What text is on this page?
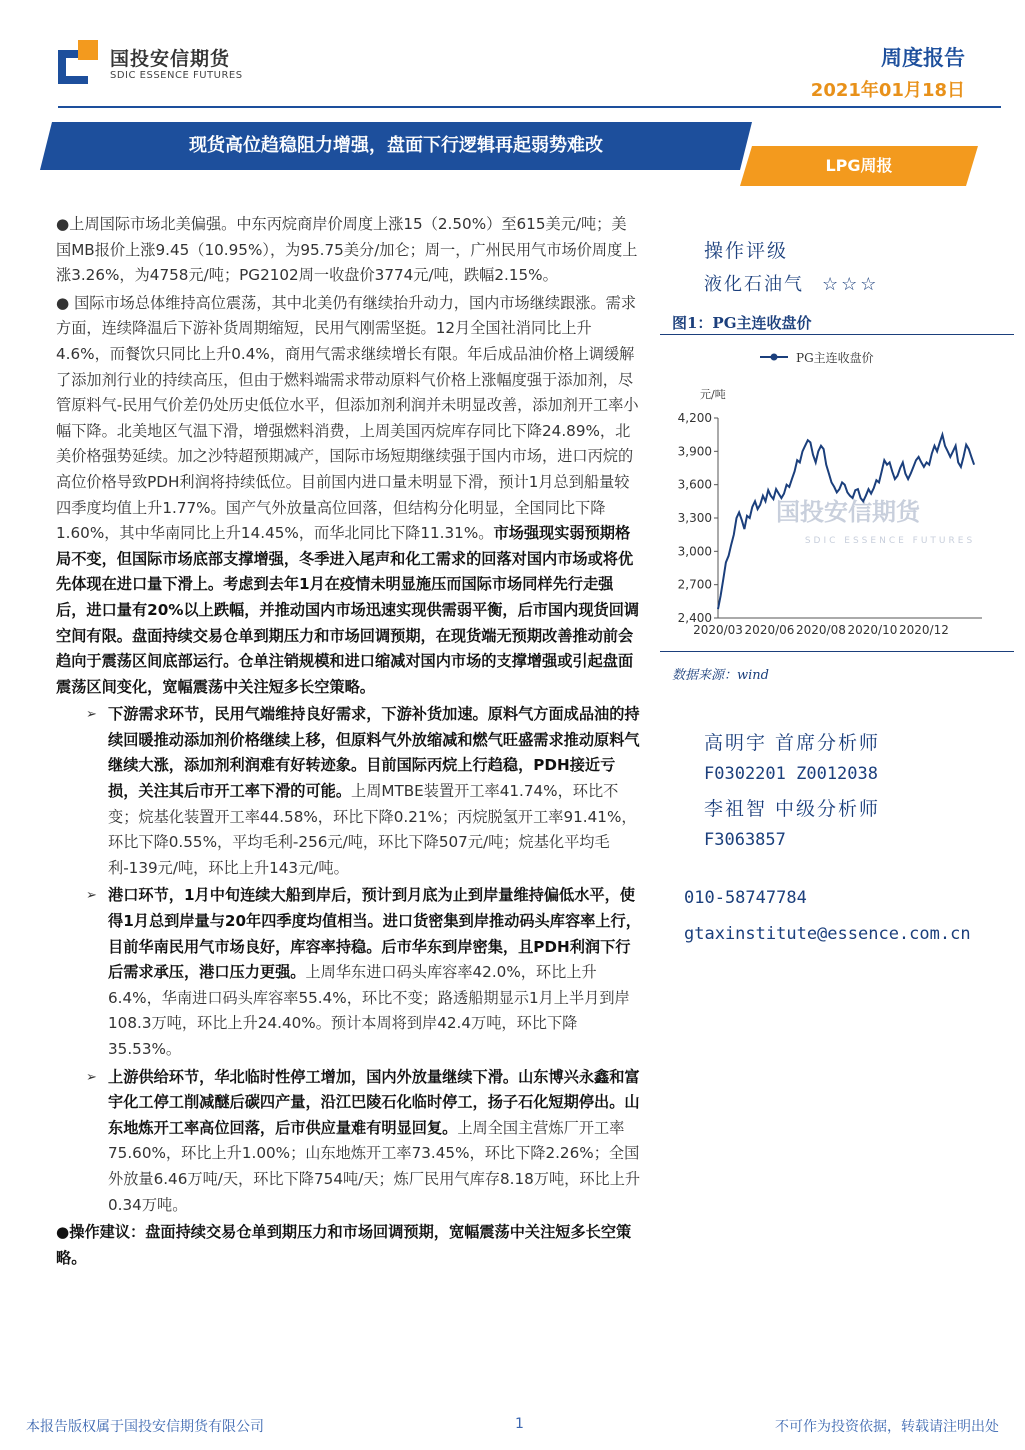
国投安信期货
SDIC ESSENCE FUTURES
周度报告
2021年01月18日
现货高位趋稳阻力增强，盘面下行逻辑再起弱势难改
LPG周报
●上周国际市场北美偏强。中东丙烷商岸价周度上涨15（2.50%）至615美元/吨；美国MB报价上涨9.45（10.95%），为95.75美分/加仑；周一，广州民用气市场价周度上涨3.26%，为4758元/吨；PG2102周一收盘价3774元/吨，跌幅2.15%。
● 国际市场总体维持高位震荡，其中北美仍有继续抬升动力，国内市场继续跟涨。需求方面，连续降温后下游补货周期缩短，民用气刚需坚挺。12月全国社消同比上升4.6%，而餐饮只同比上升0.4%，商用气需求继续增长有限。年后成品油价格上调缓解了添加剂行业的持续高压，但由于燃料端需求带动原料气价格上涨幅度强于添加剂，尽管原料气-民用气价差仍处历史低位水平，但添加剂利润并未明显改善，添加剂开工率小幅下降。北美地区气温下滑，增强燃料消费，上周美国丙烷库存同比下降24.89%，北美价格强势延续。加之沙特超预期减产，国际市场短期继续强于国内市场，进口丙烷的高位价格导致PDH利润将持续低位。目前国内进口量未明显下滑，预计1月总到船量较四季度均值上升1.77%。国产气外放量高位回落，但结构分化明显，全国同比下降1.60%，其中华南同比上升14.45%，而华北同比下降11.31%。市场强现实弱预期格局不变，但国际市场底部支撑增强，冬季进入尾声和化工需求的回落对国内市场或将优先体现在进口量下滑上。考虑到去年1月在疫情未明显施压而国际市场同样先行走强后，进口量有20%以上跌幅，并推动国内市场迅速实现供需弱平衡，后市国内现货回调空间有限。盘面持续交易仓单到期压力和市场回调预期，在现货端无预期改善推动前会趋向于震荡区间底部运行。仓单注销规模和进口缩减对国内市场的支撑增强或引起盘面震荡区间变化，宽幅震荡中关注短多长空策略。
➢ 下游需求环节，民用气端维持良好需求，下游补货加速。原料气方面成品油的持续回暖推动添加剂价格继续上移，但原料气外放缩减和燃气旺盛需求推动原料气继续大涨，添加剂利润难有好转迹象。目前国际丙烷上行趋稳，PDH接近亏损，关注其后市开工率下滑的可能。上周MTBE装置开工率41.74%，环比不变；烷基化装置开工率44.58%，环比下降0.21%；丙烷脱氢开工率91.41%，环比下降0.55%，平均毛利-256元/吨，环比下降507元/吨；烷基化平均毛利-139元/吨，环比上升143元/吨。
➢ 港口环节，1月中旬连续大船到岸后，预计到月底为止到岸量维持偏低水平，使得1月总到岸量与20年四季度均值相当。进口货密集到岸推动码头库容率上行，目前华南民用气市场良好，库容率持稳。后市华东到岸密集，且PDH利润下行后需求承压，港口压力更强。上周华东进口码头库容率42.0%，环比上升6.4%，华南进口码头库容率55.4%，环比不变；路透船期显示1月上半月到岸108.3万吨，环比上升24.40%。预计本周将到岸42.4万吨，环比下降35.53%。
➢ 上游供给环节，华北临时性停工增加，国内外放量继续下滑。山东博兴永鑫和富宇化工停工削减醚后碳四产量，沿江巴陵石化临时停工，扬子石化短期停出。山东地炼开工率高位回落，后市供应量难有明显回复。上周全国主营炼厂开工率75.60%，环比上升1.00%；山东地炼开工率73.45%，环比下降2.26%；全国外放量6.46万吨/天，环比下降754吨/天；炼厂民用气库存8.18万吨，环比上升0.34万吨。
●操作建议：盘面持续交易仓单到期压力和市场回调预期，宽幅震荡中关注短多长空策略。
操作评级
液化石油气 ☆☆☆
图1：PG主连收盘价
PG主连收盘价
元/吨
4,200
3,900
3,600
3,300
3,000
2,700
2,400
2020/03 2020/06 2020/08 2020/10 2020/12
国投安信期货
SDIC ESSENCE FUTURES
数据来源：wind
高明宇 首席分析师
F0302201 Z0012038
李祖智 中级分析师
F3063857
010-58747784
gtaxinstitute@essence.com.cn
本报告版权属于国投安信期货有限公司	1	不可作为投资依据，转载请注明出处
